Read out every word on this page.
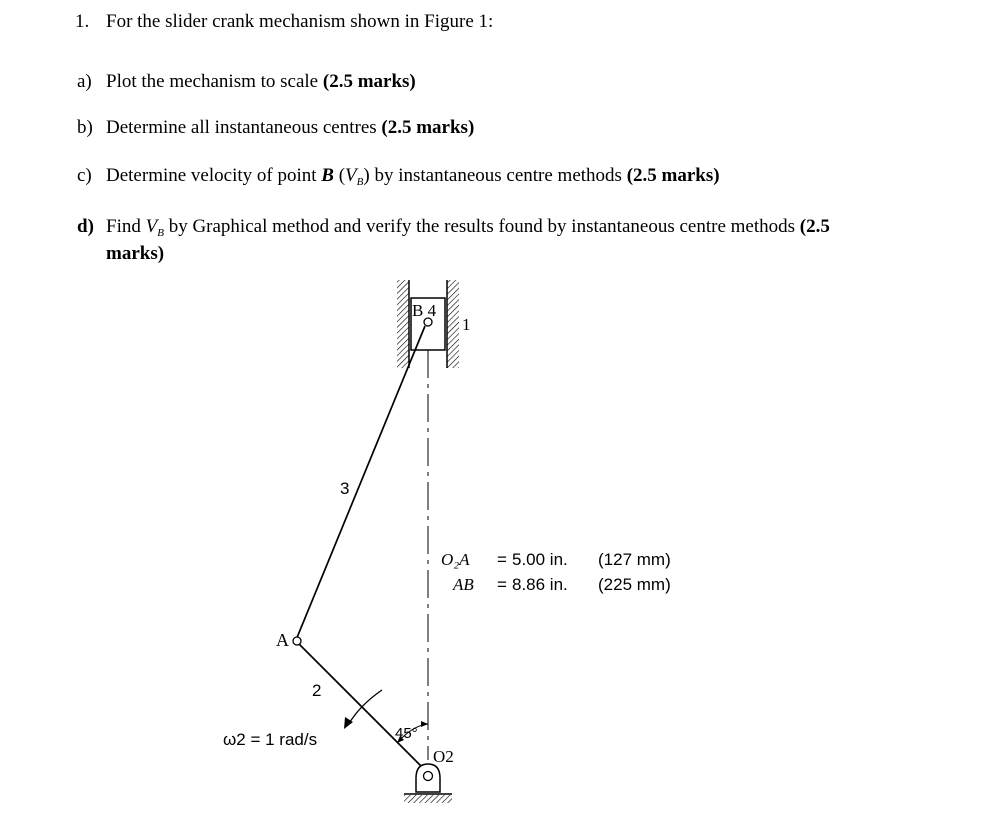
1. For the slider crank mechanism shown in Figure 1:
a) Plot the mechanism to scale (2.5 marks)
b) Determine all instantaneous centres (2.5 marks)
c) Determine velocity of point B $(V_B)$ by instantaneous centre methods (2.5 marks)
d) Find $V_B$ by Graphical method and verify the results found by instantaneous centre methods (2.5
marks)
B 4
1
3
A
2
ω2 = 1 rad/s	45°
O2
O₂A = 5.00 in. (127 mm)
AB = 8.86 in. (225 mm)
